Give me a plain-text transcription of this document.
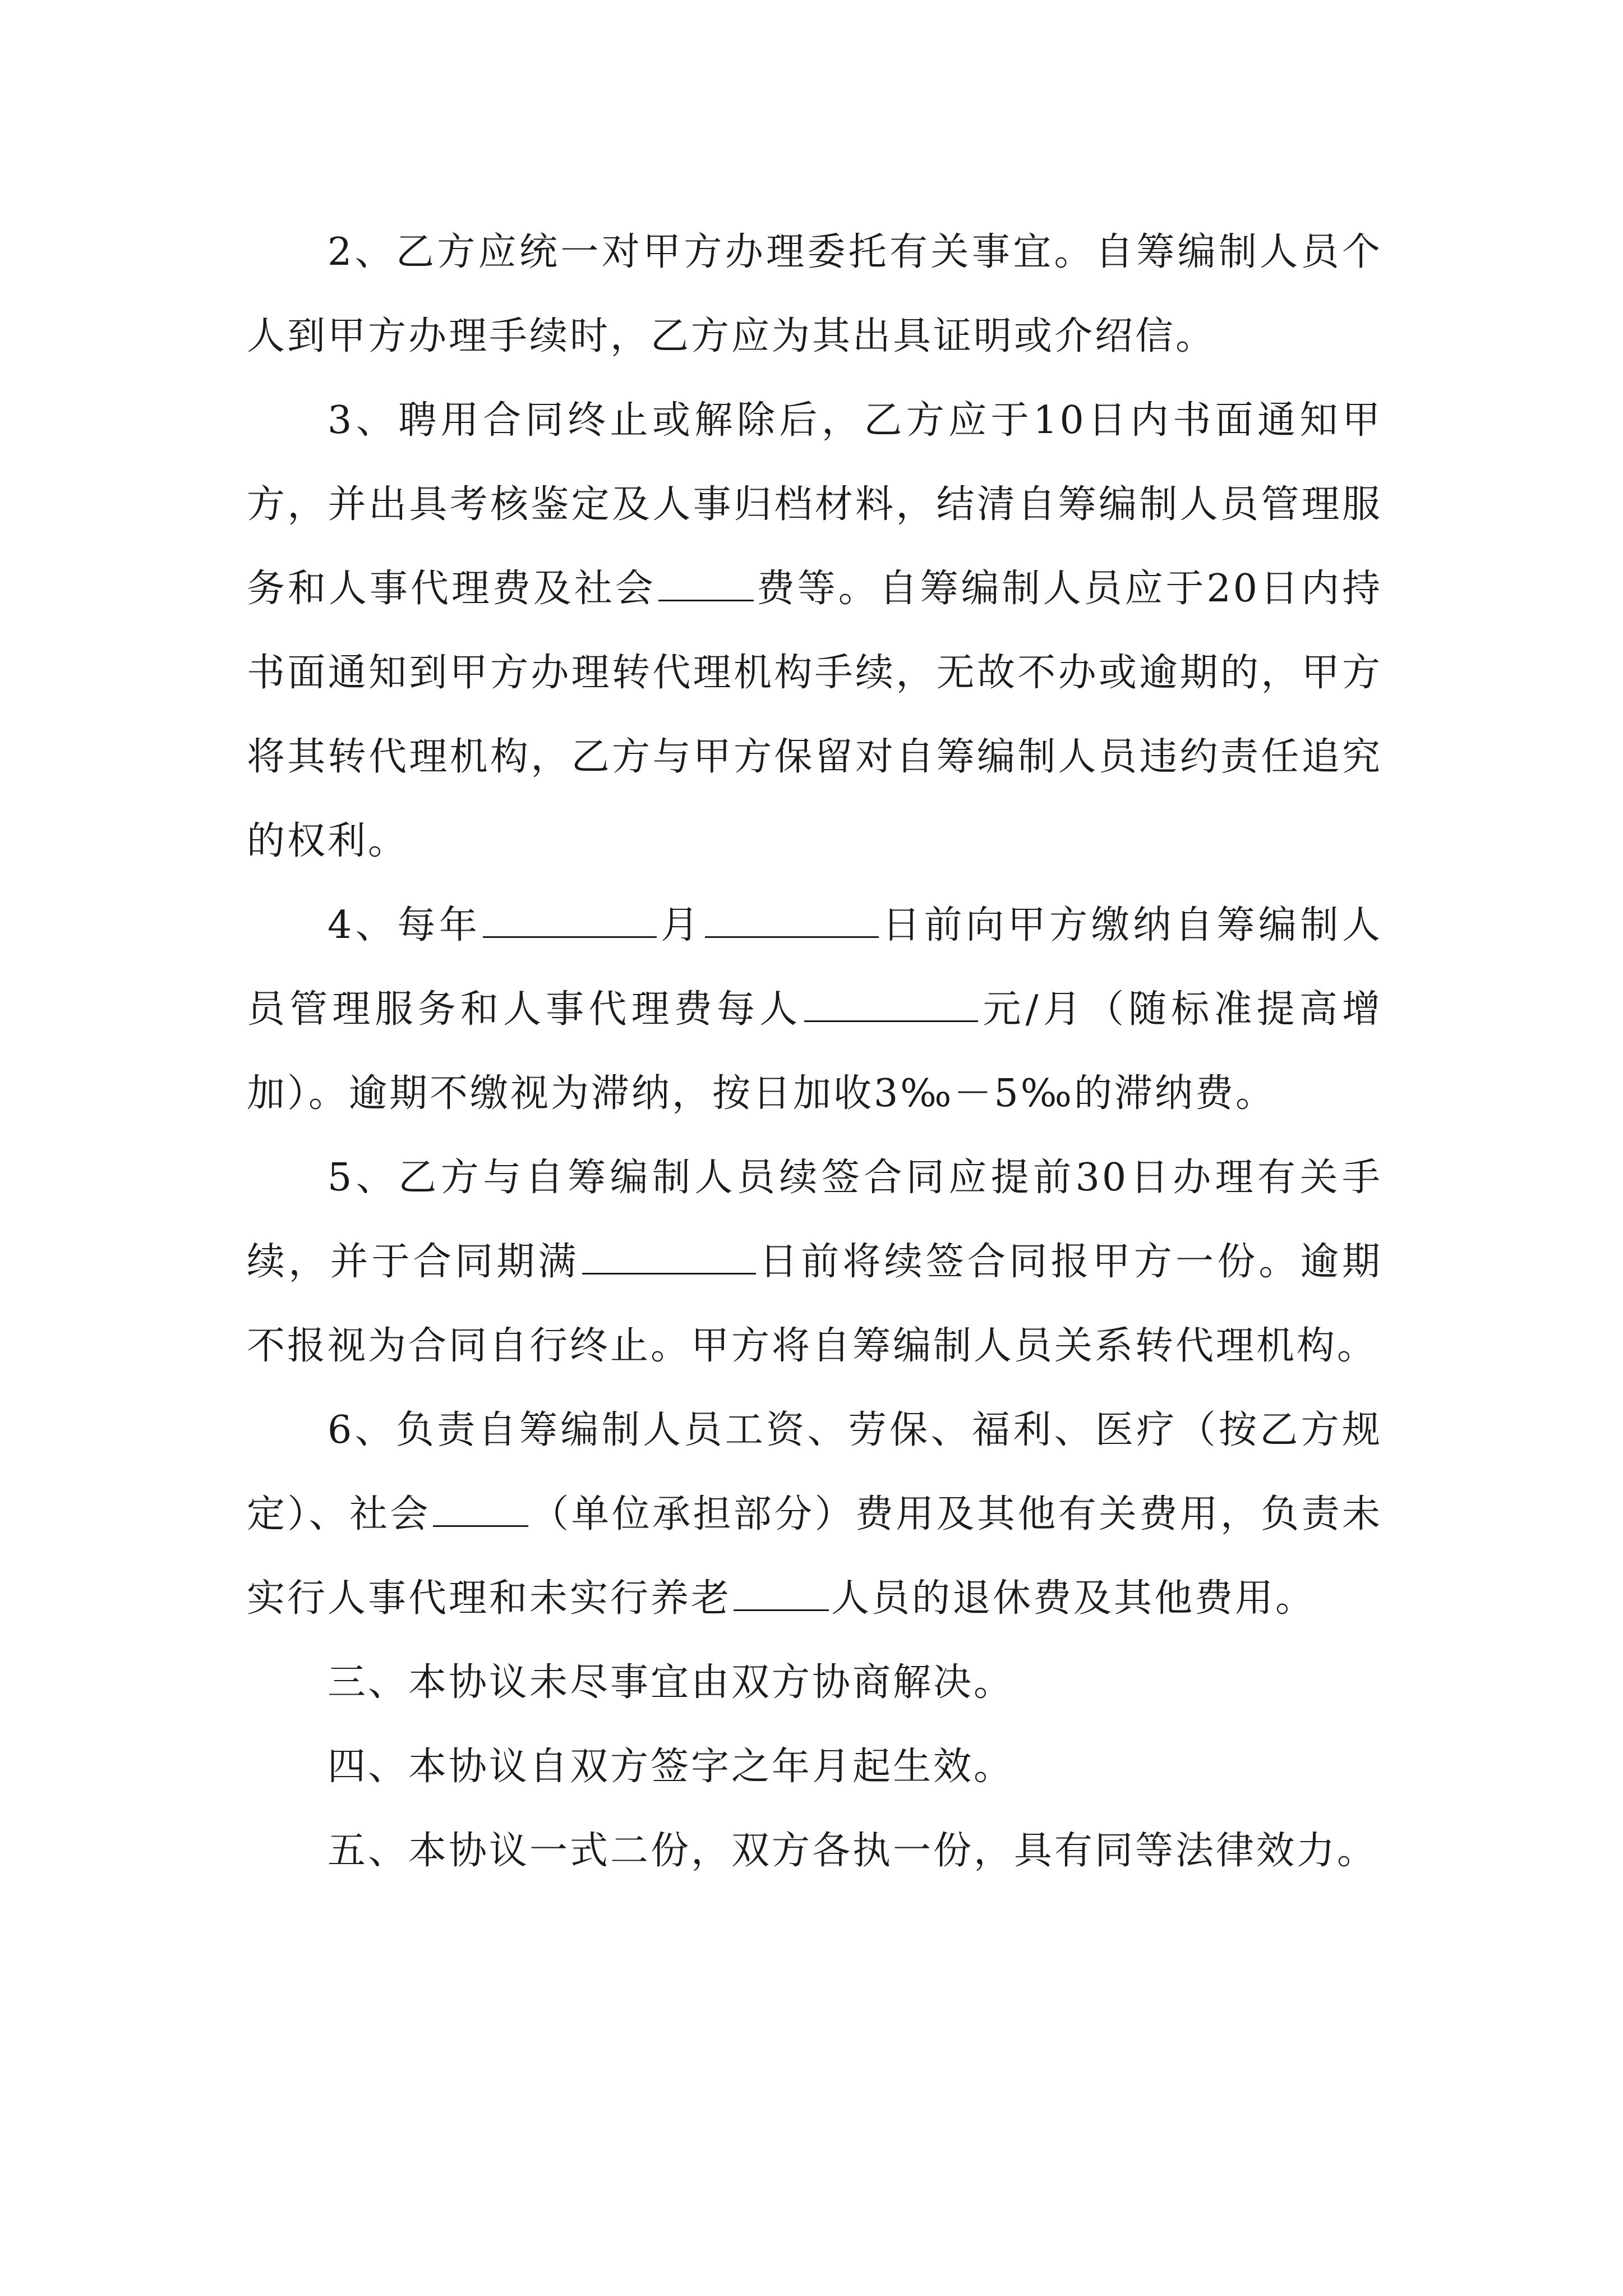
2、乙方应统一对甲方办理委托有关事宜。自筹编制人员个人到甲方办理手续时，乙方应为其出具证明或介绍信。

3、聘用合同终止或解除后，乙方应于10日内书面通知甲方，并出具考核鉴定及人事归档材料，结清自筹编制人员管理服务和人事代理费及社会	费等。自筹编制人员应于20日内持书面通知到甲方办理转代理机构手续，无故不办或逾期的，甲方将其转代理机构，乙方与甲方保留对自筹编制人员违约责任追究的权利。

4、每年	月	日前向甲方缴纳自筹编制人员管理服务和人事代理费每人	元/月（随标准提高增加）。逾期不缴视为滞纳，按日加收3‰－5‰的滞纳费。

5、乙方与自筹编制人员续签合同应提前30日办理有关手续，并于合同期满	日前将续签合同报甲方一份。逾期不报视为合同自行终止。甲方将自筹编制人员关系转代理机构。

6、负责自筹编制人员工资、劳保、福利、医疗（按乙方规定）、社会	（单位承担部分）费用及其他有关费用，负责未实行人事代理和未实行养老	人员的退休费及其他费用。

三、本协议未尽事宜由双方协商解决。

四、本协议自双方签字之年月起生效。

五、本协议一式二份，双方各执一份，具有同等法律效力。
